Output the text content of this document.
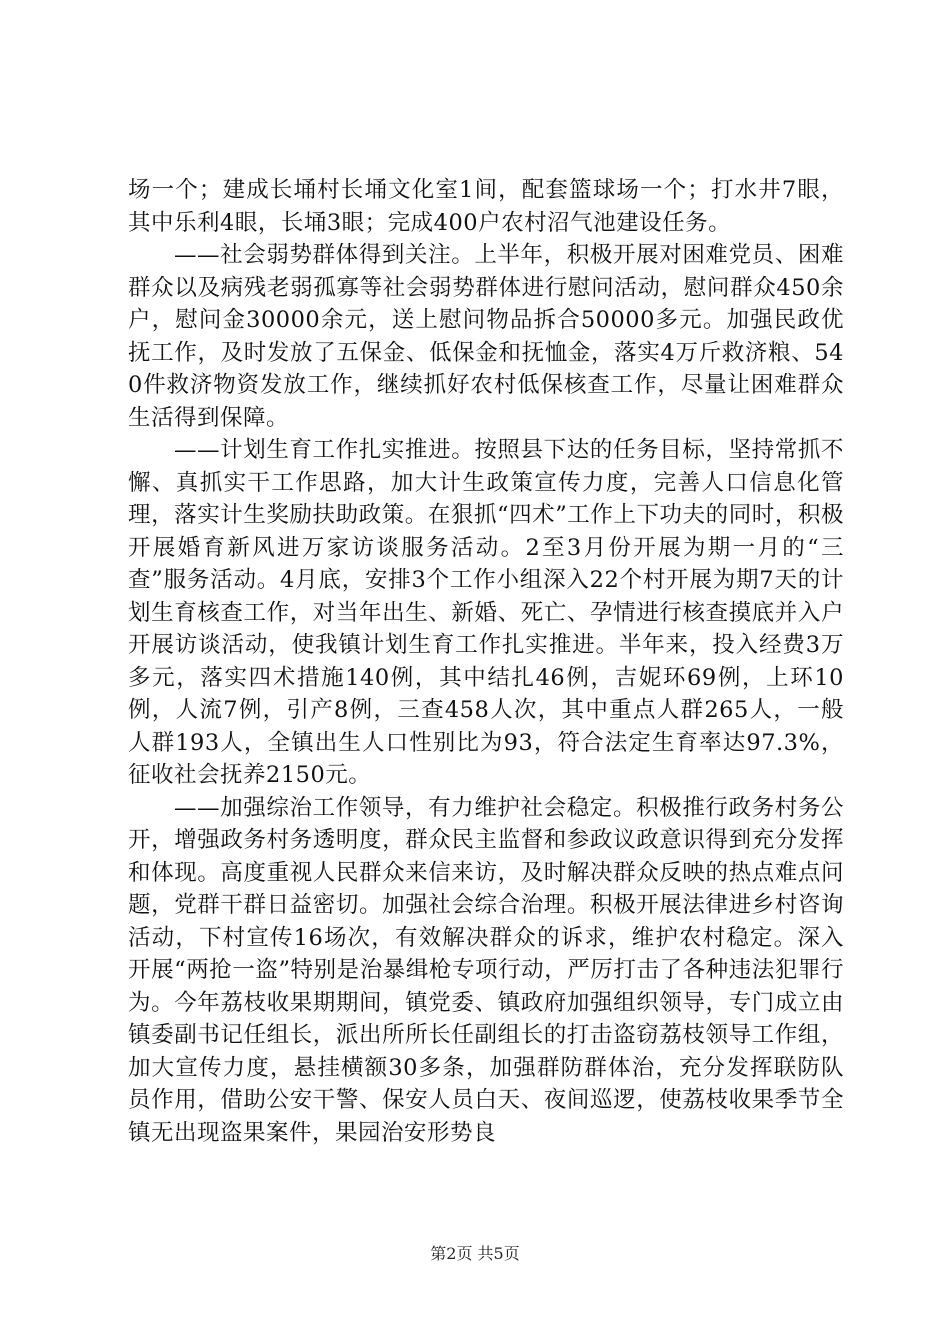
场一个；建成长埇村长埇文化室1间，配套篮球场一个；打水井7眼，其中乐利4眼，长埇3眼；完成400户农村沼气池建设任务。

——社会弱势群体得到关注。上半年，积极开展对困难党员、困难群众以及病残老弱孤寡等社会弱势群体进行慰问活动，慰问群众450余户，慰问金30000余元，送上慰问物品拆合50000多元。加强民政优抚工作，及时发放了五保金、低保金和抚恤金，落实4万斤救济粮、540件救济物资发放工作，继续抓好农村低保核查工作，尽量让困难群众生活得到保障。

——计划生育工作扎实推进。按照县下达的任务目标，坚持常抓不懈、真抓实干工作思路，加大计生政策宣传力度，完善人口信息化管理，落实计生奖励扶助政策。在狠抓“四术”工作上下功夫的同时，积极开展婚育新风进万家访谈服务活动。2至3月份开展为期一月的“三查”服务活动。4月底，安排3个工作小组深入22个村开展为期7天的计划生育核查工作，对当年出生、新婚、死亡、孕情进行核查摸底并入户开展访谈活动，使我镇计划生育工作扎实推进。半年来，投入经费3万多元，落实四术措施140例，其中结扎46例，吉妮环69例，上环10例，人流7例，引产8例，三查458人次，其中重点人群265人，一般人群193人，全镇出生人口性别比为93，符合法定生育率达97.3%，征收社会抚养2150元。

——加强综治工作领导，有力维护社会稳定。积极推行政务村务公开，增强政务村务透明度，群众民主监督和参政议政意识得到充分发挥和体现。高度重视人民群众来信来访，及时解决群众反映的热点难点问题，党群干群日益密切。加强社会综合治理。积极开展法律进乡村咨询活动，下村宣传16场次，有效解决群众的诉求，维护农村稳定。深入开展“两抢一盗”特别是治暴缉枪专项行动，严厉打击了各种违法犯罪行为。今年荔枝收果期期间，镇党委、镇政府加强组织领导，专门成立由镇委副书记任组长，派出所所长任副组长的打击盗窃荔枝领导工作组，加大宣传力度，悬挂横额30多条，加强群防群体治，充分发挥联防队员作用，借助公安干警、保安人员白天、夜间巡逻，使荔枝收果季节全镇无出现盗果案件，果园治安形势良

第2页 共5页
